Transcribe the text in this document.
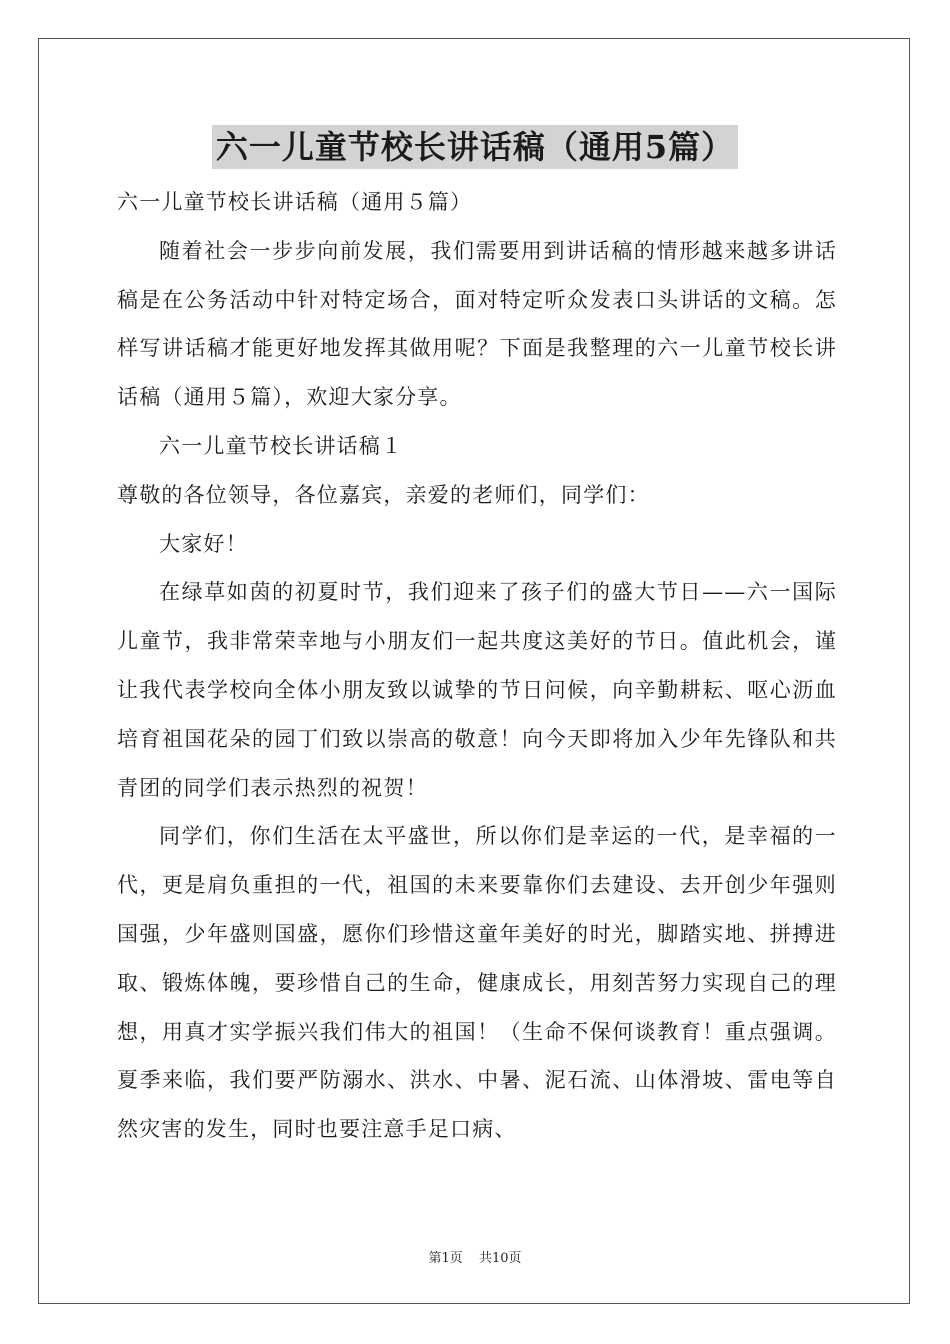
六一儿童节校长讲话稿（通用5篇）

六一儿童节校长讲话稿（通用５篇）

随着社会一步步向前发展，我们需要用到讲话稿的情形越来越多讲话稿是在公务活动中针对特定场合，面对特定听众发表口头讲话的文稿。怎样写讲话稿才能更好地发挥其做用呢？下面是我整理的六一儿童节校长讲话稿（通用５篇），欢迎大家分享。

六一儿童节校长讲话稿１

尊敬的各位领导，各位嘉宾，亲爱的老师们，同学们：

大家好！

在绿草如茵的初夏时节，我们迎来了孩子们的盛大节日——六一国际儿童节，我非常荣幸地与小朋友们一起共度这美好的节日。值此机会，谨让我代表学校向全体小朋友致以诚挚的节日问候，向辛勤耕耘、呕心沥血培育祖国花朵的园丁们致以崇高的敬意！向今天即将加入少年先锋队和共青团的同学们表示热烈的祝贺！

同学们，你们生活在太平盛世，所以你们是幸运的一代，是幸福的一代，更是肩负重担的一代，祖国的未来要靠你们去建设、去开创少年强则国强，少年盛则国盛，愿你们珍惜这童年美好的时光，脚踏实地、拼搏进取、锻炼体魄，要珍惜自己的生命，健康成长，用刻苦努力实现自己的理想，用真才实学振兴我们伟大的祖国！（生命不保何谈教育！重点强调。夏季来临，我们要严防溺水、洪水、中暑、泥石流、山体滑坡、雷电等自然灾害的发生，同时也要注意手足口病、

第1页 共10页
